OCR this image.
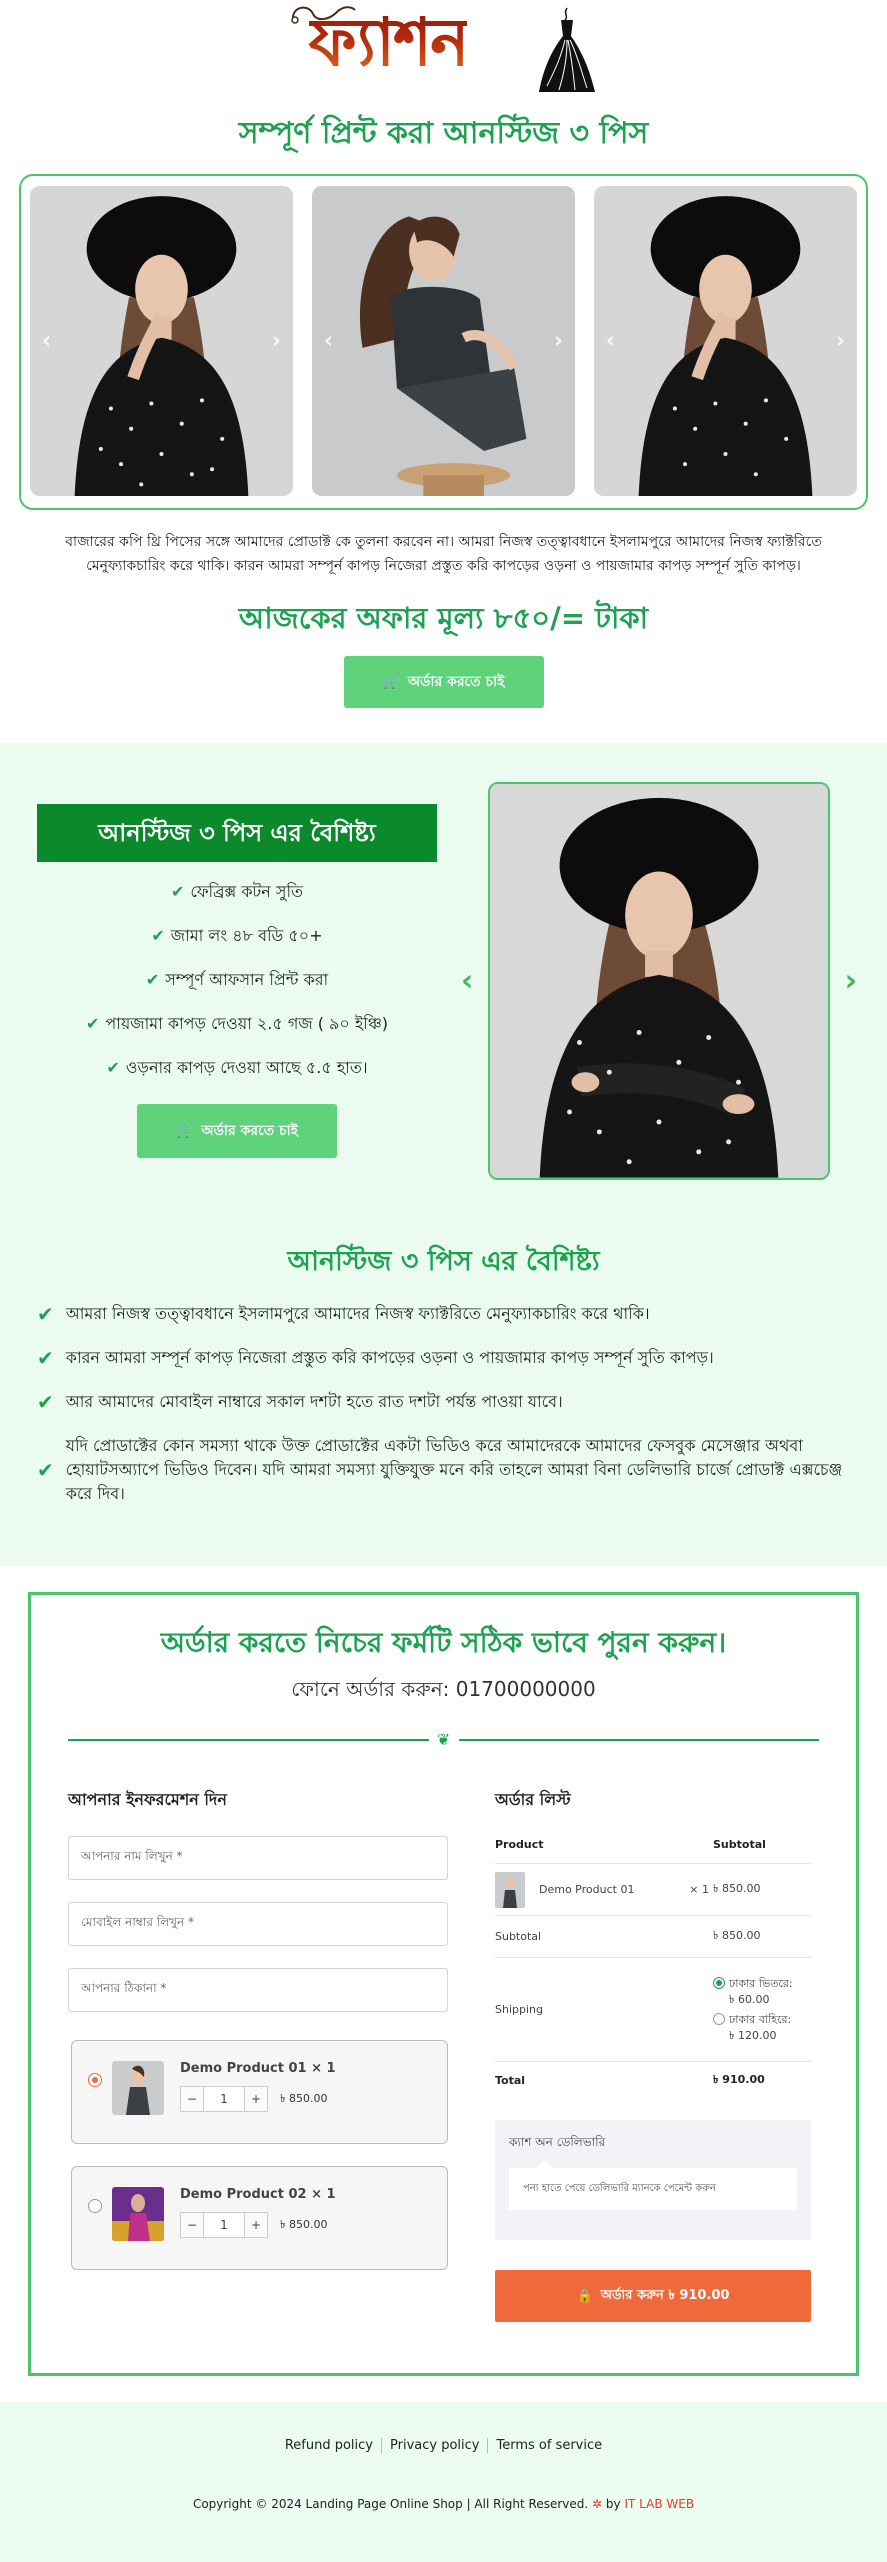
ফ্যাশন
সম্পূর্ণ প্রিন্ট করা আনস্টিজ ৩ পিস
‹	› ‹	› ‹	›

বাজারের কপি থ্রি পিসের সঙ্গে আমাদের প্রোডাক্ট কে তুলনা করবেন না। আমরা নিজস্ব তত্ত্বাবধানে ইসলামপুরে আমাদের নিজস্ব ফ্যাক্টরিতে মেনুফ্যাকচারিং করে থাকি। কারন আমরা সম্পূর্ন কাপড় নিজেরা প্রস্তুত করি কাপড়ের ওড়না ও পায়জামার কাপড় সম্পূর্ন সুতি কাপড়।

আজকের অফার মূল্য ৮৫০/= টাকা
🛒 অর্ডার করতে চাই
আনস্টিজ ৩ পিস এর বৈশিষ্ট্য
✔ ফেব্রিক্স কটন সুতি
✔ জামা লং ৪৮ বডি ৫০+
✔ সম্পূর্ণ আফসান প্রিন্ট করা
✔ পায়জামা কাপড় দেওয়া ২.৫ গজ ( ৯০ ইঞ্চি)
✔ ওড়নার কাপড় দেওয়া আছে ৫.৫ হাত।
🛒 অর্ডার করতে চাই
‹	›
আনস্টিজ ৩ পিস এর বৈশিষ্ট্য
✔ আমরা নিজস্ব তত্ত্বাবধানে ইসলামপুরে আমাদের নিজস্ব ফ্যাক্টরিতে মেনুফ্যাকচারিং করে থাকি।
✔ কারন আমরা সম্পূর্ন কাপড় নিজেরা প্রস্তুত করি কাপড়ের ওড়না ও পায়জামার কাপড় সম্পূর্ন সুতি কাপড়।
✔ আর আমাদের মোবাইল নাম্বারে সকাল দশটা হতে রাত দশটা পর্যন্ত পাওয়া যাবে।
✔
যদি প্রোডাক্টের কোন সমস্যা থাকে উক্ত প্রোডাক্টের একটা ভিডিও করে আমাদেরকে আমাদের ফেসবুক মেসেঞ্জার অথবা হোয়াটসঅ্যাপে ভিডিও দিবেন। যদি আমরা সমস্যা যুক্তিযুক্ত মনে করি তাহলে আমরা বিনা ডেলিভারি চার্জে প্রোডাক্ট এক্সচেঞ্জ করে দিব।
অর্ডার করতে নিচের ফর্মটি সঠিক ভাবে পুরন করুন।
ফোনে অর্ডার করুন: 01700000000
❦
আপনার ইনফরমেশন দিন
আপনার নাম লিখুন *
মোবাইল নাম্বার লিখুন *
আপনার ঠিকানা *
Demo Product 01 × 1
−	1	+	৳ 850.00
Demo Product 02 × 1
−	1	+	৳ 850.00
অর্ডার লিস্ট
Product	Subtotal
Demo Product 01	× 1 ৳ 850.00
Subtotal	৳ 850.00
Shipping
ঢাকার ভিতরে:
৳ 60.00
ঢাকার বাহিরে:
৳ 120.00
Total	৳ 910.00
ক্যাশ অন ডেলিভারি
পন্য হাতে পেয়ে ডেলিভারি ম্যানকে পেমেন্ট করুন
🔒 অর্ডার করুন ৳ 910.00
Refund policy	Privacy policy	Terms of service
Copyright © 2024 Landing Page Online Shop | All Right Reserved. ✲ by IT LAB WEB
